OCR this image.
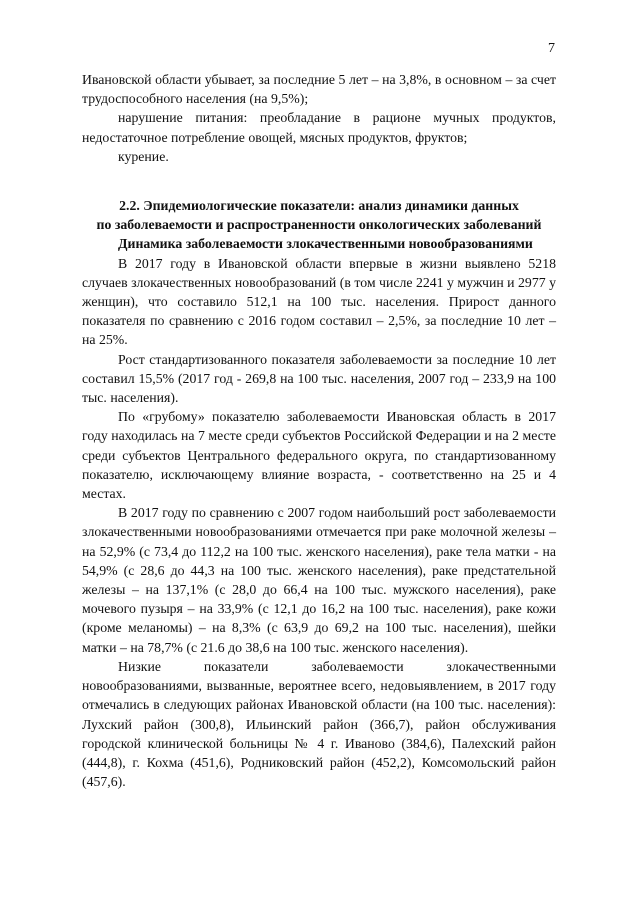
7

Ивановской области убывает, за последние 5 лет – на 3,8%, в основном – за счет трудоспособного населения (на 9,5%);

нарушение питания: преобладание в рационе мучных продуктов, недостаточное потребление овощей, мясных продуктов, фруктов;

курение.

2.2. Эпидемиологические показатели: анализ динамики данных
по заболеваемости и распространенности онкологических заболеваний

Динамика заболеваемости злокачественными новообразованиями

В 2017 году в Ивановской области впервые в жизни выявлено 5218 случаев злокачественных новообразований (в том числе 2241 у мужчин и 2977 у женщин), что составило 512,1 на 100 тыс. населения. Прирост данного показателя по сравнению с 2016 годом составил – 2,5%, за последние 10 лет – на 25%.

Рост стандартизованного показателя заболеваемости за последние 10 лет составил 15,5% (2017 год - 269,8 на 100 тыс. населения, 2007 год – 233,9 на 100 тыс. населения).

По «грубому» показателю заболеваемости Ивановская область в 2017 году находилась на 7 месте среди субъектов Российской Федерации и на 2 месте среди субъектов Центрального федерального округа, по стандартизованному показателю, исключающему влияние возраста, - соответственно на 25 и 4 местах.

В 2017 году по сравнению с 2007 годом наибольший рост заболеваемости злокачественными новообразованиями отмечается при раке молочной железы – на 52,9% (с 73,4 до 112,2 на 100 тыс. женского населения), раке тела матки - на 54,9% (с 28,6 до 44,3 на 100 тыс. женского населения), раке предстательной железы – на 137,1% (с 28,0 до 66,4 на 100 тыс. мужского населения), раке мочевого пузыря – на 33,9% (с 12,1 до 16,2 на 100 тыс. населения), раке кожи (кроме меланомы) – на 8,3% (с 63,9 до 69,2 на 100 тыс. населения), шейки матки – на 78,7% (с 21.6 до 38,6 на 100 тыс. женского населения).

Низкие показатели заболеваемости злокачественными новообразованиями, вызванные, вероятнее всего, недовыявлением, в 2017 году отмечались в следующих районах Ивановской области (на 100 тыс. населения): Лухский район (300,8), Ильинский район (366,7), район обслуживания городской клинической больницы № 4 г. Иваново (384,6), Палехский район (444,8), г. Кохма (451,6), Родниковский район (452,2), Комсомольский район (457,6).
